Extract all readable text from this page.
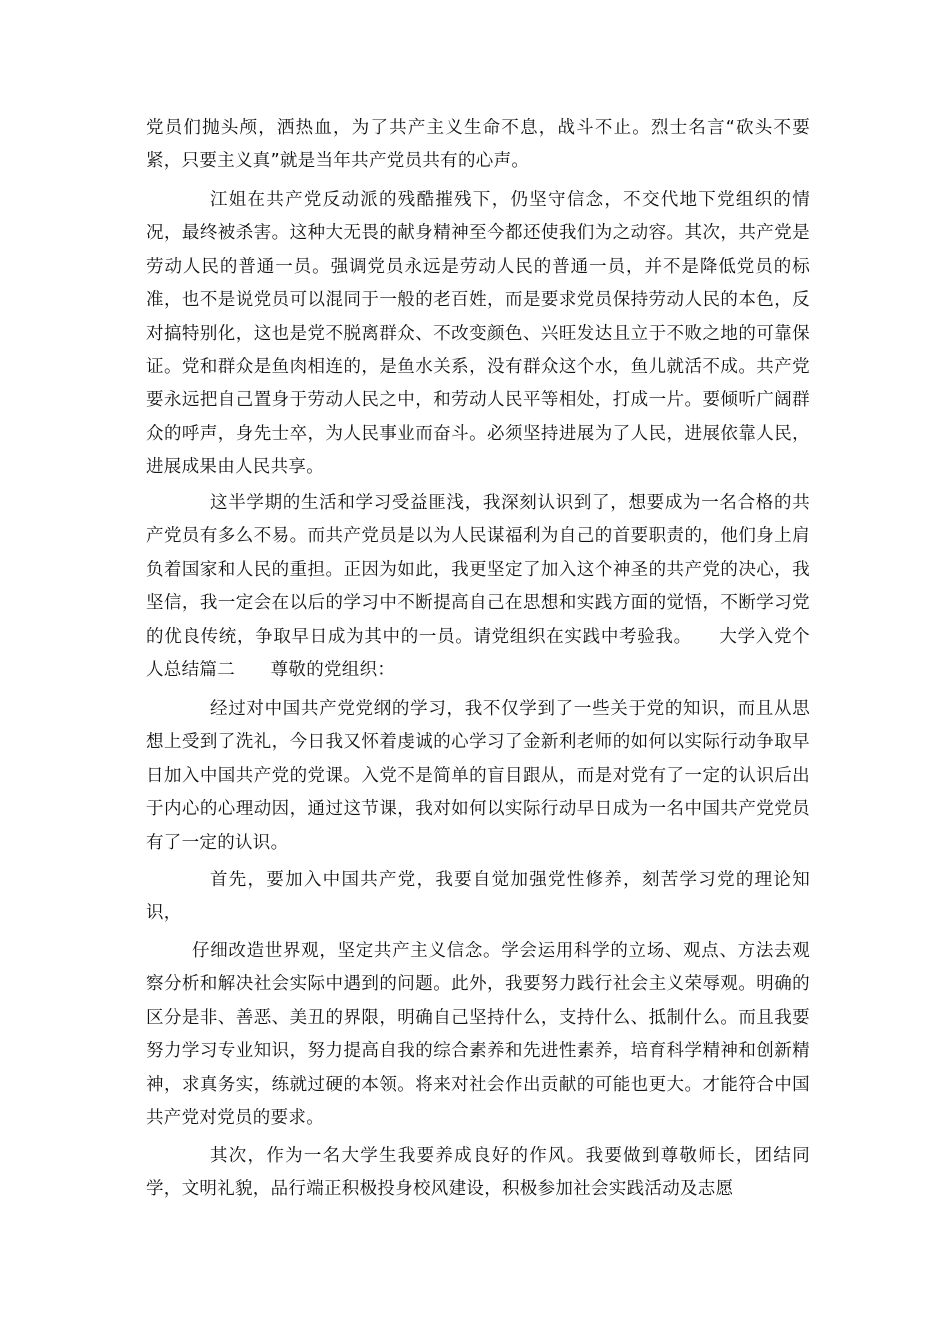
党员们抛头颅，洒热血，为了共产主义生命不息，战斗不止。烈士名言“砍头不要紧，只要主义真”就是当年共产党员共有的心声。

江姐在共产党反动派的残酷摧残下，仍坚守信念，不交代地下党组织的情况，最终被杀害。这种大无畏的献身精神至今都还使我们为之动容。其次，共产党是劳动人民的普通一员。强调党员永远是劳动人民的普通一员，并不是降低党员的标准，也不是说党员可以混同于一般的老百姓，而是要求党员保持劳动人民的本色，反对搞特别化，这也是党不脱离群众、不改变颜色、兴旺发达且立于不败之地的可靠保证。党和群众是鱼肉相连的，是鱼水关系，没有群众这个水，鱼儿就活不成。共产党要永远把自己置身于劳动人民之中，和劳动人民平等相处，打成一片。要倾听广阔群众的呼声，身先士卒，为人民事业而奋斗。必须坚持进展为了人民，进展依靠人民，进展成果由人民共享。

这半学期的生活和学习受益匪浅，我深刻认识到了，想要成为一名合格的共产党员有多么不易。而共产党员是以为人民谋福利为自己的首要职责的，他们身上肩负着国家和人民的重担。正因为如此，我更坚定了加入这个神圣的共产党的决心，我坚信，我一定会在以后的学习中不断提高自己在思想和实践方面的觉悟，不断学习党的优良传统，争取早日成为其中的一员。请党组织在实践中考验我。　　大学入党个人总结篇二　　尊敬的党组织：

经过对中国共产党党纲的学习，我不仅学到了一些关于党的知识，而且从思想上受到了洗礼，今日我又怀着虔诚的心学习了金新利老师的如何以实际行动争取早日加入中国共产党的党课。入党不是简单的盲目跟从，而是对党有了一定的认识后出于内心的心理动因，通过这节课，我对如何以实际行动早日成为一名中国共产党党员有了一定的认识。

首先，要加入中国共产党，我要自觉加强党性修养，刻苦学习党的理论知识，

仔细改造世界观，坚定共产主义信念。学会运用科学的立场、观点、方法去观察分析和解决社会实际中遇到的问题。此外，我要努力践行社会主义荣辱观。明确的区分是非、善恶、美丑的界限，明确自己坚持什么，支持什么、抵制什么。而且我要努力学习专业知识，努力提高自我的综合素养和先进性素养，培育科学精神和创新精神，求真务实，练就过硬的本领。将来对社会作出贡献的可能也更大。才能符合中国共产党对党员的要求。

其次，作为一名大学生我要养成良好的作风。我要做到尊敬师长，团结同学，文明礼貌，品行端正积极投身校风建设，积极参加社会实践活动及志愿
